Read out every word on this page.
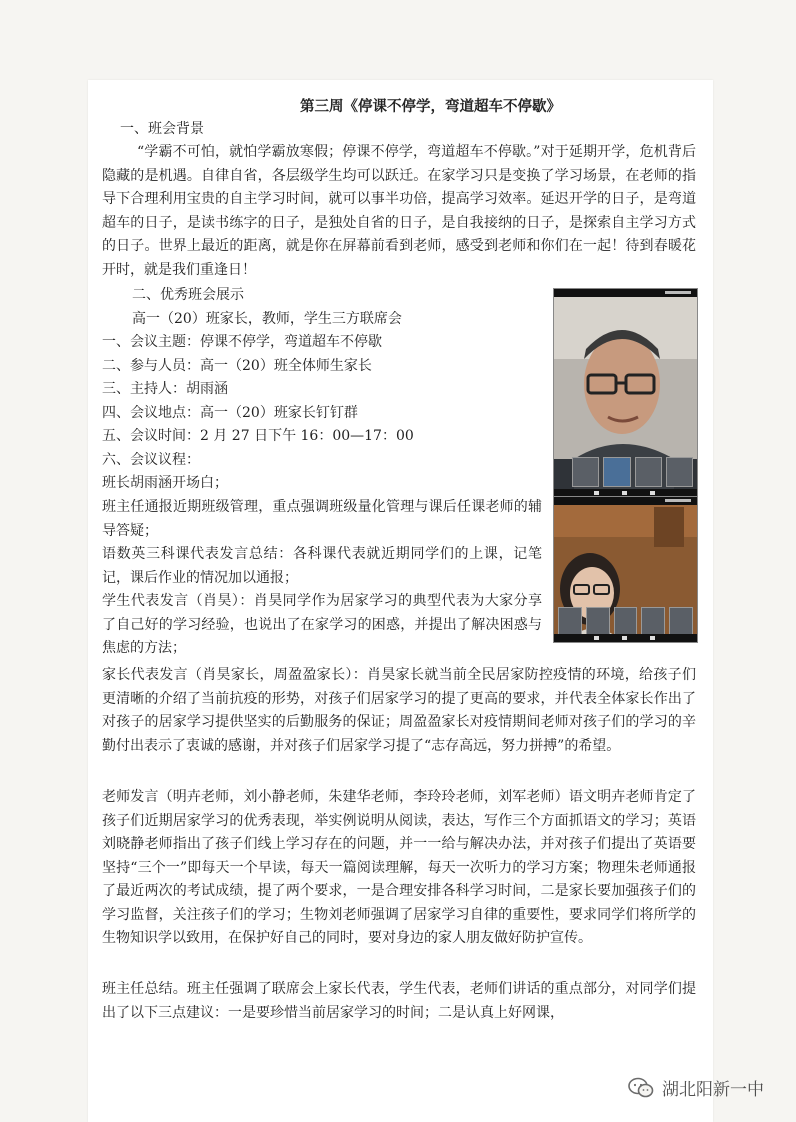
第三周《停课不停学，弯道超车不停歇》
一、班会背景
“学霸不可怕，就怕学霸放寒假；停课不停学，弯道超车不停歇。”对于延期开学，危机背后隐藏的是机遇。自律自省，各层级学生均可以跃迁。在家学习只是变换了学习场景，在老师的指导下合理利用宝贵的自主学习时间，就可以事半功倍，提高学习效率。延迟开学的日子，是弯道超车的日子，是读书练字的日子，是独处自省的日子，是自我接纳的日子，是探索自主学习方式的日子。世界上最近的距离，就是你在屏幕前看到老师，感受到老师和你们在一起！待到春暖花开时，就是我们重逢日！
二、优秀班会展示
高一（20）班家长，教师，学生三方联席会
一、会议主题：停课不停学，弯道超车不停歇
二、参与人员：高一（20）班全体师生家长
三、主持人：胡雨涵
四、会议地点：高一（20）班家长钉钉群
五、会议时间：2 月 27 日下午 16：00—17：00
六、会议议程：
班长胡雨涵开场白；
班主任通报近期班级管理，重点强调班级量化管理与课后任课老师的辅导答疑；
语数英三科课代表发言总结：各科课代表就近期同学们的上课，记笔记，课后作业的情况加以通报；
学生代表发言（肖昊）：肖昊同学作为居家学习的典型代表为大家分享了自己好的学习经验，也说出了在家学习的困惑，并提出了解决困惑与焦虑的方法；
家长代表发言（肖昊家长，周盈盈家长）：肖昊家长就当前全民居家防控疫情的环境，给孩子们更清晰的介绍了当前抗疫的形势，对孩子们居家学习的提了更高的要求，并代表全体家长作出了对孩子的居家学习提供坚实的后勤服务的保证；周盈盈家长对疫情期间老师对孩子们的学习的辛勤付出表示了衷诚的感谢，并对孩子们居家学习提了“志存高远，努力拼搏”的希望。
老师发言（明卉老师，刘小静老师，朱建华老师，李玲玲老师，刘军老师）语文明卉老师肯定了孩子们近期居家学习的优秀表现，举实例说明从阅读，表达，写作三个方面抓语文的学习；英语刘晓静老师指出了孩子们线上学习存在的问题，并一一给与解决办法，并对孩子们提出了英语要坚持“三个一”即每天一个早读，每天一篇阅读理解，每天一次听力的学习方案；物理朱老师通报了最近两次的考试成绩，提了两个要求，一是合理安排各科学习时间，二是家长要加强孩子们的学习监督，关注孩子们的学习；生物刘老师强调了居家学习自律的重要性，要求同学们将所学的生物知识学以致用，在保护好自己的同时，要对身边的家人朋友做好防护宣传。
班主任总结。班主任强调了联席会上家长代表，学生代表，老师们讲话的重点部分，对同学们提出了以下三点建议：一是要珍惜当前居家学习的时间；二是认真上好网课，
湖北阳新一中
